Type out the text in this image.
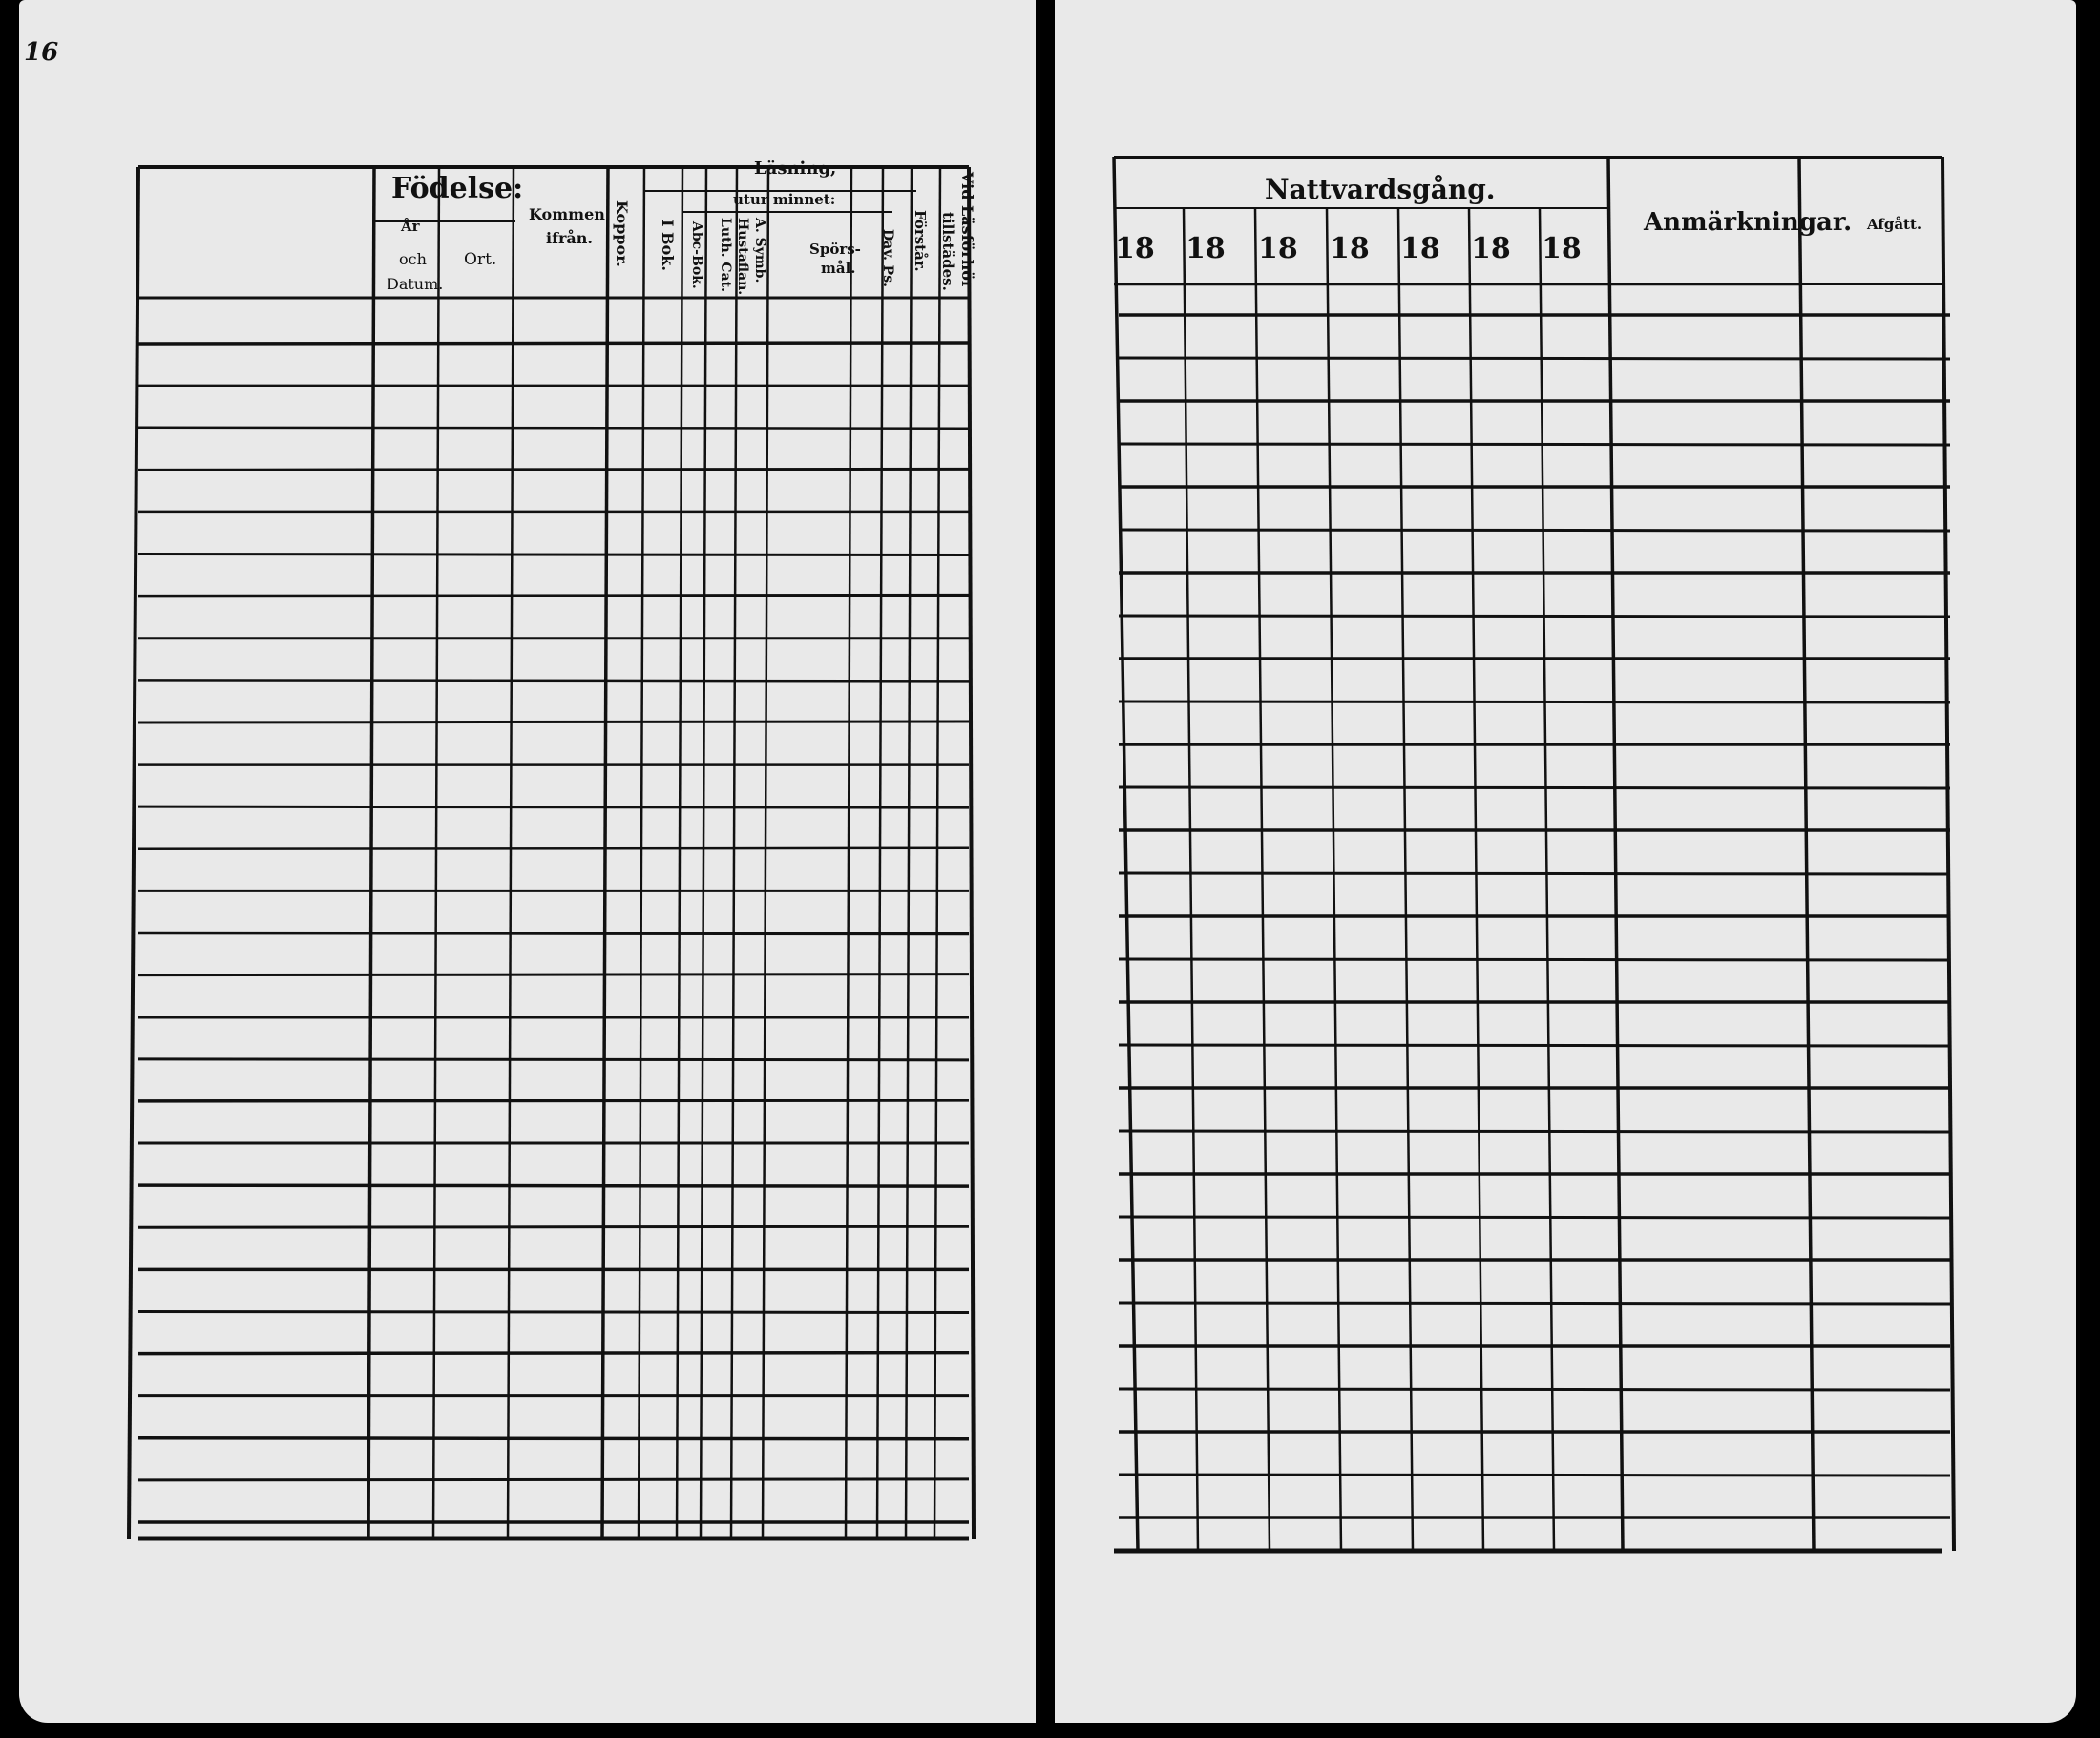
16
Födelse:
År
och
Datum.
Ort.
Kommen
ifrån. Koppor.
Läsning,
utur minnet:
I Bok. Abc-Bok. Luth. Cat. A. Symb.
Hustaflan.	Spörs-
mål. Dav. Ps. Förstår. Vid Läsförhör
tillstädes.
Nattvardsgång.
Anmärkningar. Afgått.
18 18 18 18 18 18 18
